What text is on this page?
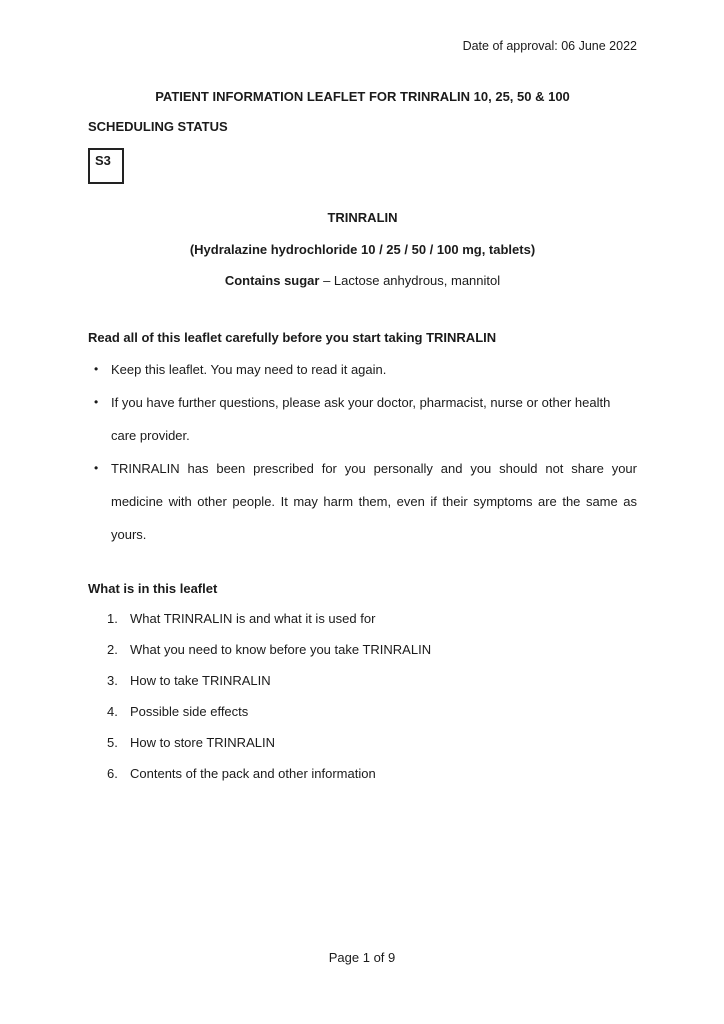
Date of approval: 06 June 2022
PATIENT INFORMATION LEAFLET FOR TRINRALIN 10, 25, 50 & 100
SCHEDULING STATUS
S3
TRINRALIN
(Hydralazine hydrochloride 10 / 25 / 50 / 100 mg, tablets)
Contains sugar – Lactose anhydrous, mannitol
Read all of this leaflet carefully before you start taking TRINRALIN
• Keep this leaflet. You may need to read it again.
• If you have further questions, please ask your doctor, pharmacist, nurse or other health care provider.
• TRINRALIN has been prescribed for you personally and you should not share your medicine with other people. It may harm them, even if their symptoms are the same as yours.
What is in this leaflet
1. What TRINRALIN is and what it is used for
2. What you need to know before you take TRINRALIN
3. How to take TRINRALIN
4. Possible side effects
5. How to store TRINRALIN
6. Contents of the pack and other information
Page 1 of 9
